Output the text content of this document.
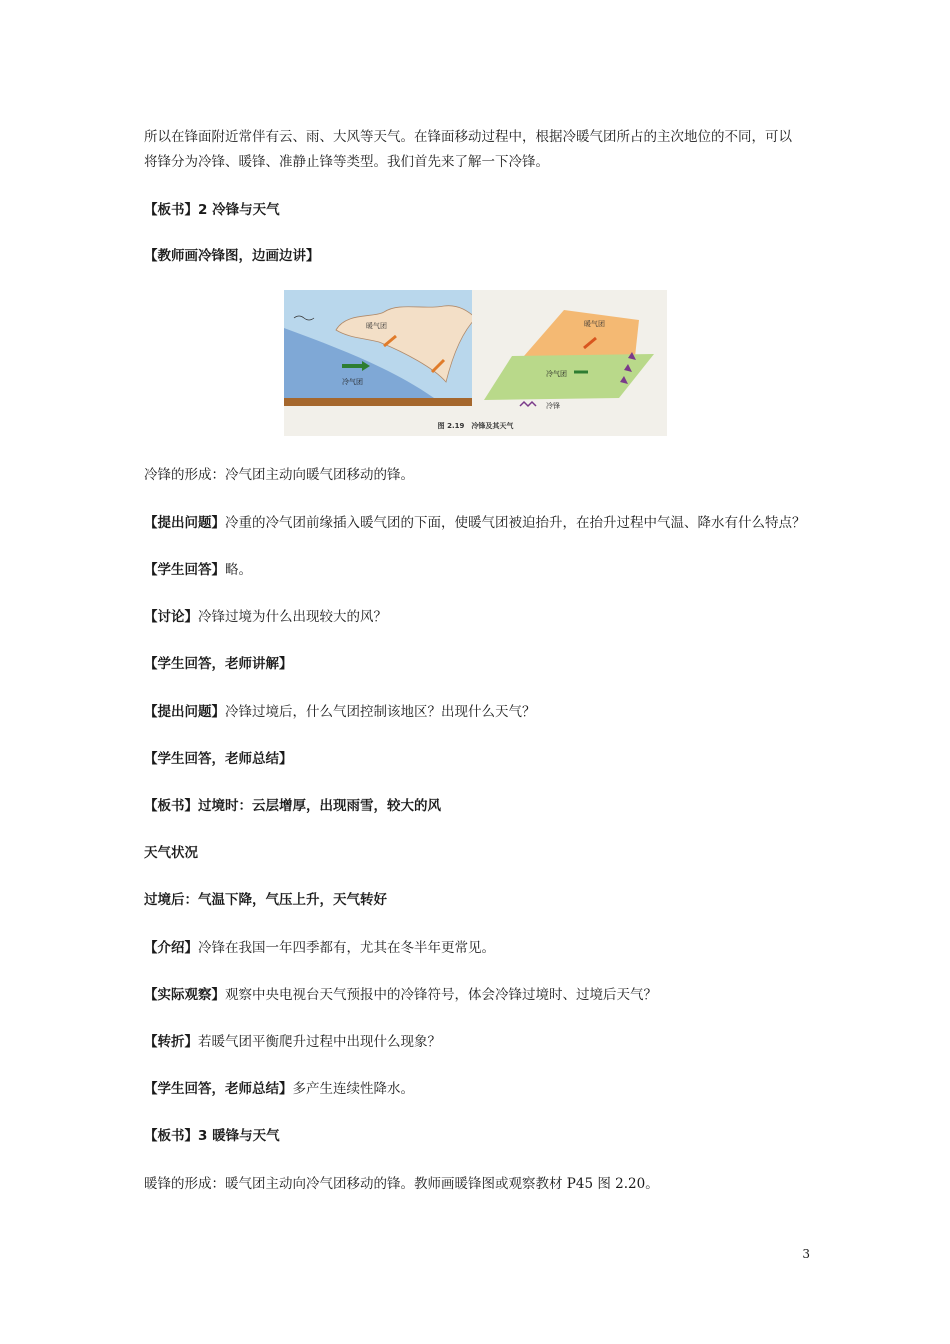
所以在锋面附近常伴有云、雨、大风等天气。在锋面移动过程中，根据冷暖气团所占的主次地位的不同，可以

将锋分为冷锋、暖锋、准静止锋等类型。我们首先来了解一下冷锋。

【板书】2 冷锋与天气

【教师画冷锋图，边画边讲】

暖气团
冷气团
暖气团
冷气团
冷锋
图 2.19　冷锋及其天气

冷锋的形成：冷气团主动向暖气团移动的锋。

【提出问题】冷重的冷气团前缘插入暖气团的下面，使暖气团被迫抬升，在抬升过程中气温、降水有什么特点？

【学生回答】略。

【讨论】冷锋过境为什么出现较大的风？

【学生回答，老师讲解】

【提出问题】冷锋过境后，什么气团控制该地区？出现什么天气？

【学生回答，老师总结】

【板书】过境时：云层增厚，出现雨雪，较大的风

天气状况

过境后：气温下降，气压上升，天气转好

【介绍】冷锋在我国一年四季都有，尤其在冬半年更常见。

【实际观察】观察中央电视台天气预报中的冷锋符号，体会冷锋过境时、过境后天气？

【转折】若暖气团平衡爬升过程中出现什么现象？

【学生回答，老师总结】多产生连续性降水。

【板书】3 暖锋与天气

暖锋的形成：暖气团主动向冷气团移动的锋。教师画暖锋图或观察教材 P45 图 2.20。

3
